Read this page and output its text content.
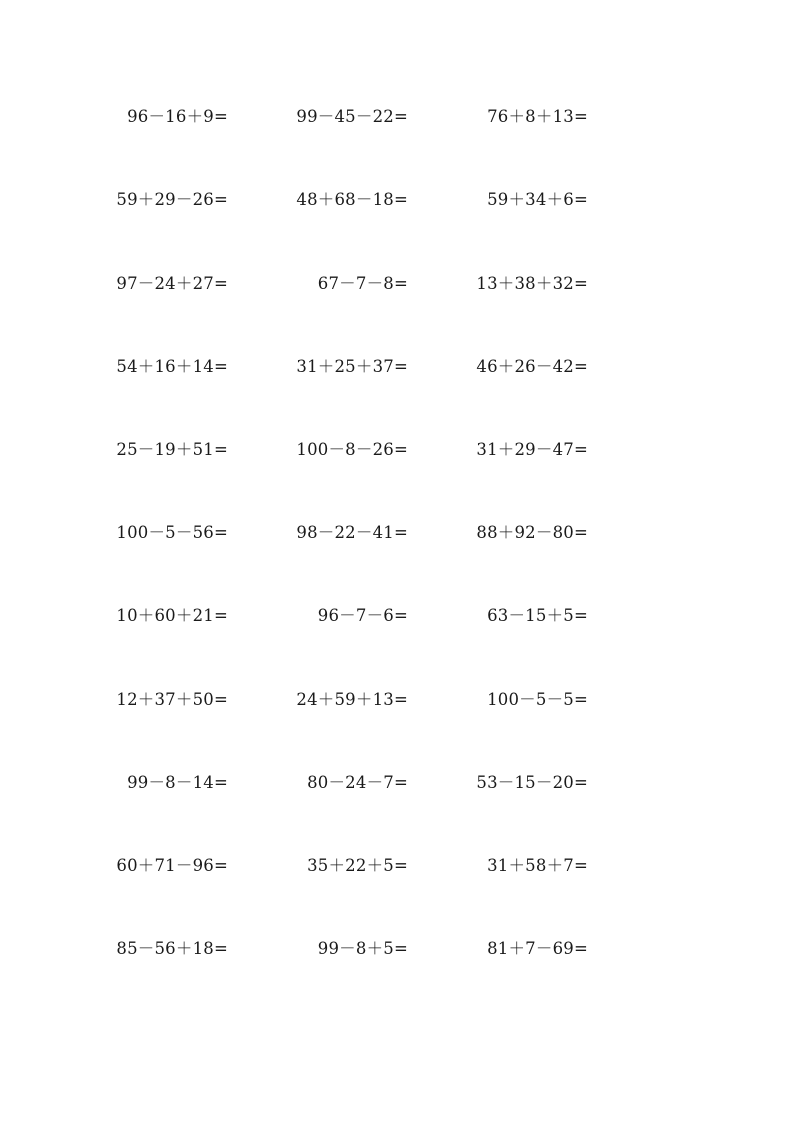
96－16＋9=	99－45－22=	76＋8＋13=
59＋29－26=	48＋68－18=	59＋34＋6=
97－24＋27=	67－7－8=	13＋38＋32=
54＋16＋14=	31＋25＋37=	46＋26－42=
25－19＋51=	100－8－26=	31＋29－47=
100－5－56=	98－22－41=	88＋92－80=
10＋60＋21=	96－7－6=	63－15＋5=
12＋37＋50=	24＋59＋13=	100－5－5=
99－8－14=	80－24－7=	53－15－20=
60＋71－96=	35＋22＋5=	31＋58＋7=
85－56＋18=	99－8＋5=	81＋7－69=
